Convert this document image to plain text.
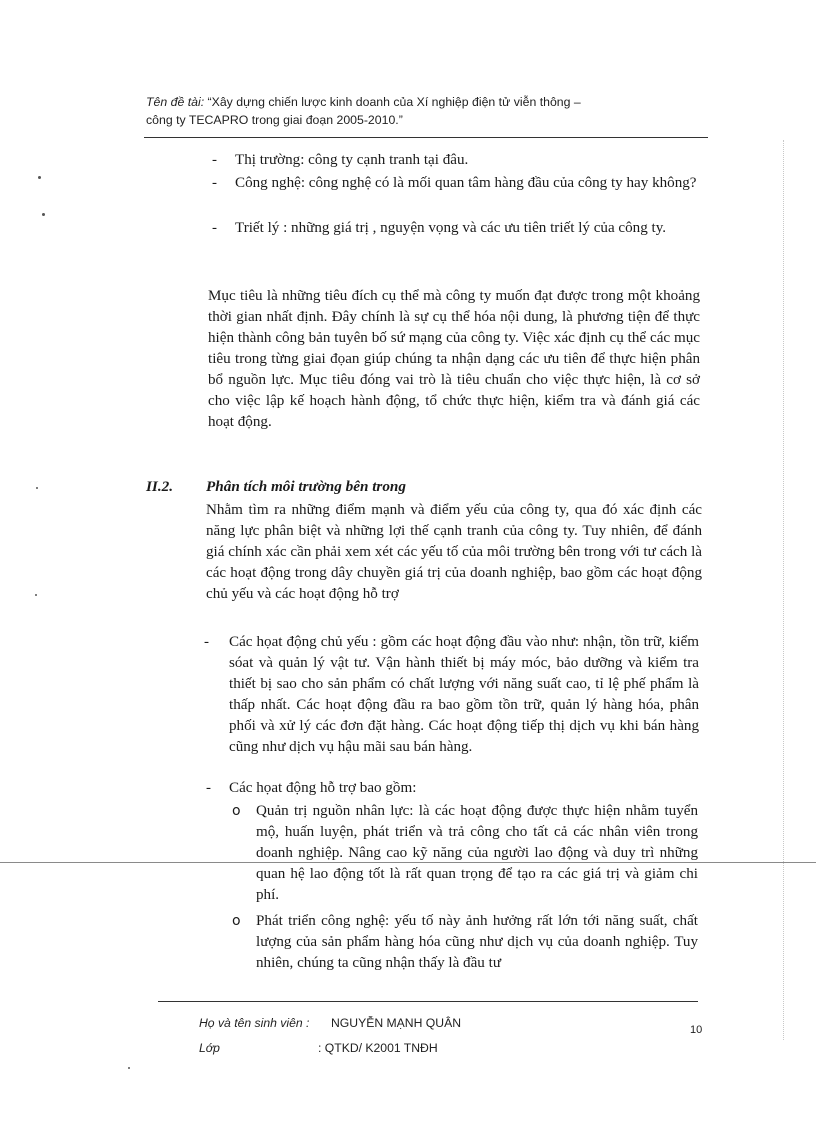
Tên đề tài: “Xây dựng chiến lược kinh doanh của Xí nghiệp điện tử viễn thông –
công ty TECAPRO trong giai đoạn 2005-2010.”
- Thị trường: công ty cạnh tranh tại đâu.
- Công nghệ: công nghệ có là mối quan tâm hàng đầu của công ty hay không?
- Triết lý : những giá trị , nguyện vọng và các ưu tiên triết lý của công ty.
Mục tiêu là những tiêu đích cụ thể mà công ty muốn đạt được trong một khoảng thời gian nhất định. Đây chính là sự cụ thể hóa nội dung, là phương tiện để thực hiện thành công bản tuyên bố sứ mạng của công ty. Việc xác định cụ thể các mục tiêu trong từng giai đọan giúp chúng ta nhận dạng các ưu tiên để thực hiện phân bổ nguồn lực. Mục tiêu đóng vai trò là tiêu chuẩn cho việc thực hiện, là cơ sở cho việc lập kế hoạch hành động, tổ chức thực hiện, kiểm tra và đánh giá các hoạt động.
II.2. Phân tích môi trường bên trong
Nhằm tìm ra những điểm mạnh và điểm yếu của công ty, qua đó xác định các năng lực phân biệt và những lợi thế cạnh tranh của công ty. Tuy nhiên, để đánh giá chính xác cần phải xem xét các yếu tố của môi trường bên trong với tư cách là các hoạt động trong dây chuyền giá trị của doanh nghiệp, bao gồm các hoạt động chủ yếu và các hoạt động hỗ trợ
- Các họat động chủ yếu : gồm các hoạt động đầu vào như: nhận, tồn trữ, kiểm sóat và quản lý vật tư. Vận hành thiết bị máy móc, bảo dưỡng và kiểm tra thiết bị sao cho sản phẩm có chất lượng với năng suất cao, tỉ lệ phế phẩm là thấp nhất. Các hoạt động đầu ra bao gồm tồn trữ, quản lý hàng hóa, phân phối và xử lý các đơn đặt hàng. Các hoạt động tiếp thị dịch vụ khi bán hàng cũng như dịch vụ hậu mãi sau bán hàng.
- Các họat động hỗ trợ bao gồm:
o Quản trị nguồn nhân lực: là các hoạt động được thực hiện nhằm tuyển mộ, huấn luyện, phát triển và trả công cho tất cả các nhân viên trong doanh nghiệp. Nâng cao kỹ năng của người lao động và duy trì những quan hệ lao động tốt là rất quan trọng để tạo ra các giá trị và giảm chi phí.
o Phát triển công nghệ: yếu tố này ảnh hưởng rất lớn tới năng suất, chất lượng của sản phẩm hàng hóa cũng như dịch vụ của doanh nghiệp. Tuy nhiên, chúng ta cũng nhận thấy là đầu tư
Họ và tên sinh viên : NGUYỄN MẠNH QUÂN
Lớp	: QTKD/ K2001 TNĐH
10
